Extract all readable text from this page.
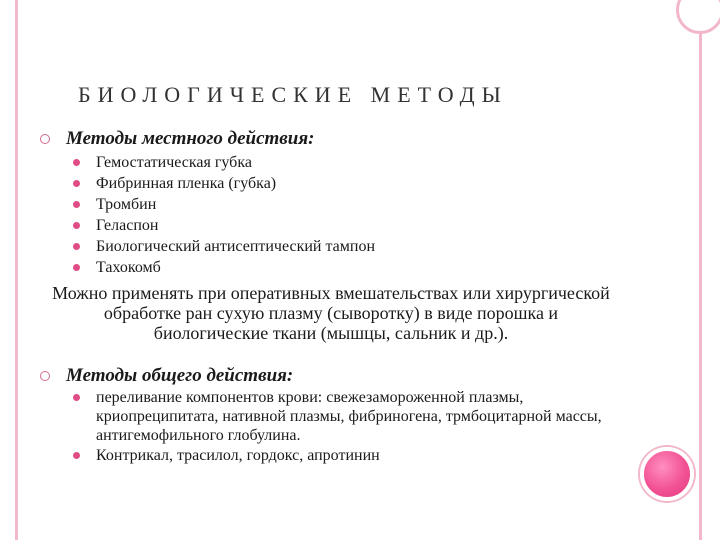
БИОЛОГИЧЕСКИЕ МЕТОДЫ
Методы местного действия:
Гемостатическая губка
Фибринная пленка (губка)
Тромбин
Геласпон
Биологический антисептический тампон
Тахокомб
Можно применять при оперативных вмешательствах или хирургической обработке ран сухую плазму (сыворотку) в виде порошка и биологические ткани (мышцы, сальник и др.).
Методы общего действия:
переливание компонентов крови: свежезамороженной плазмы, криопреципитата, нативной плазмы, фибриногена, трмбоцитарной массы, антигемофильного глобулина.
Контрикал, трасилол, гордокс, апротинин
